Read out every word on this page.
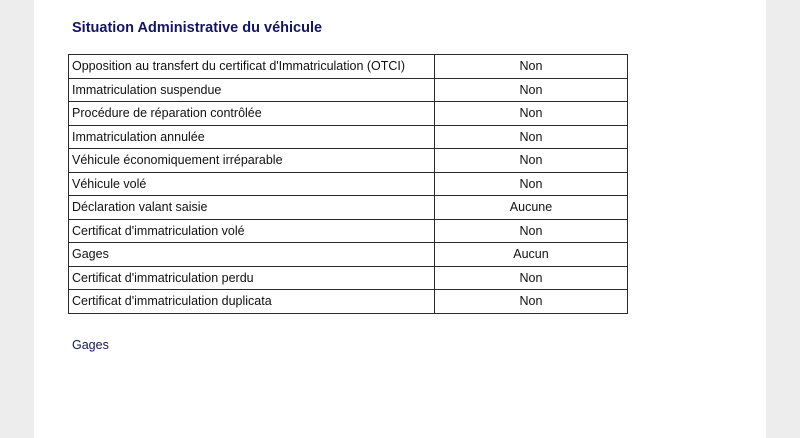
Situation Administrative du véhicule
Opposition au transfert du certificat d'Immatriculation (OTCI)	Non
Immatriculation suspendue	Non
Procédure de réparation contrôlée	Non
Immatriculation annulée	Non
Véhicule économiquement irréparable	Non
Véhicule volé	Non
Déclaration valant saisie	Aucune
Certificat d'immatriculation volé	Non
Gages	Aucun
Certificat d'immatriculation perdu	Non
Certificat d'immatriculation duplicata	Non
Gages
